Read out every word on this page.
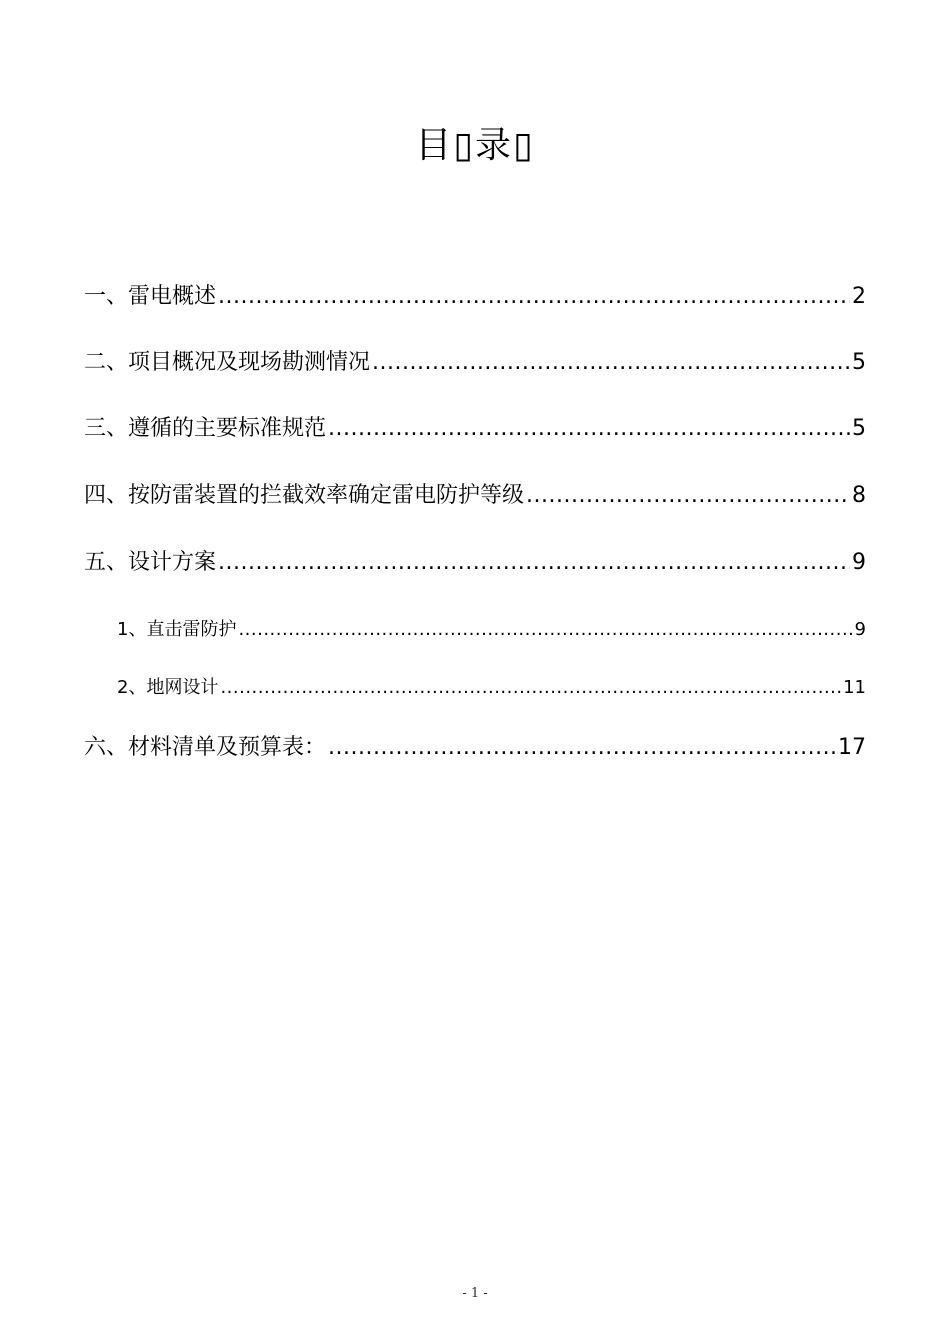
目▯录▯
一、雷电概述 .....	2
二、项目概况及现场勘测情况 .....	5
三、遵循的主要标准规范 .....	5
四、按防雷装置的拦截效率确定雷电防护等级 .....	8
五、设计方案 .....	9
1、直击雷防护 .....	9
2、地网设计 .....	11
六、材料清单及预算表： .....	17
- 1 -
